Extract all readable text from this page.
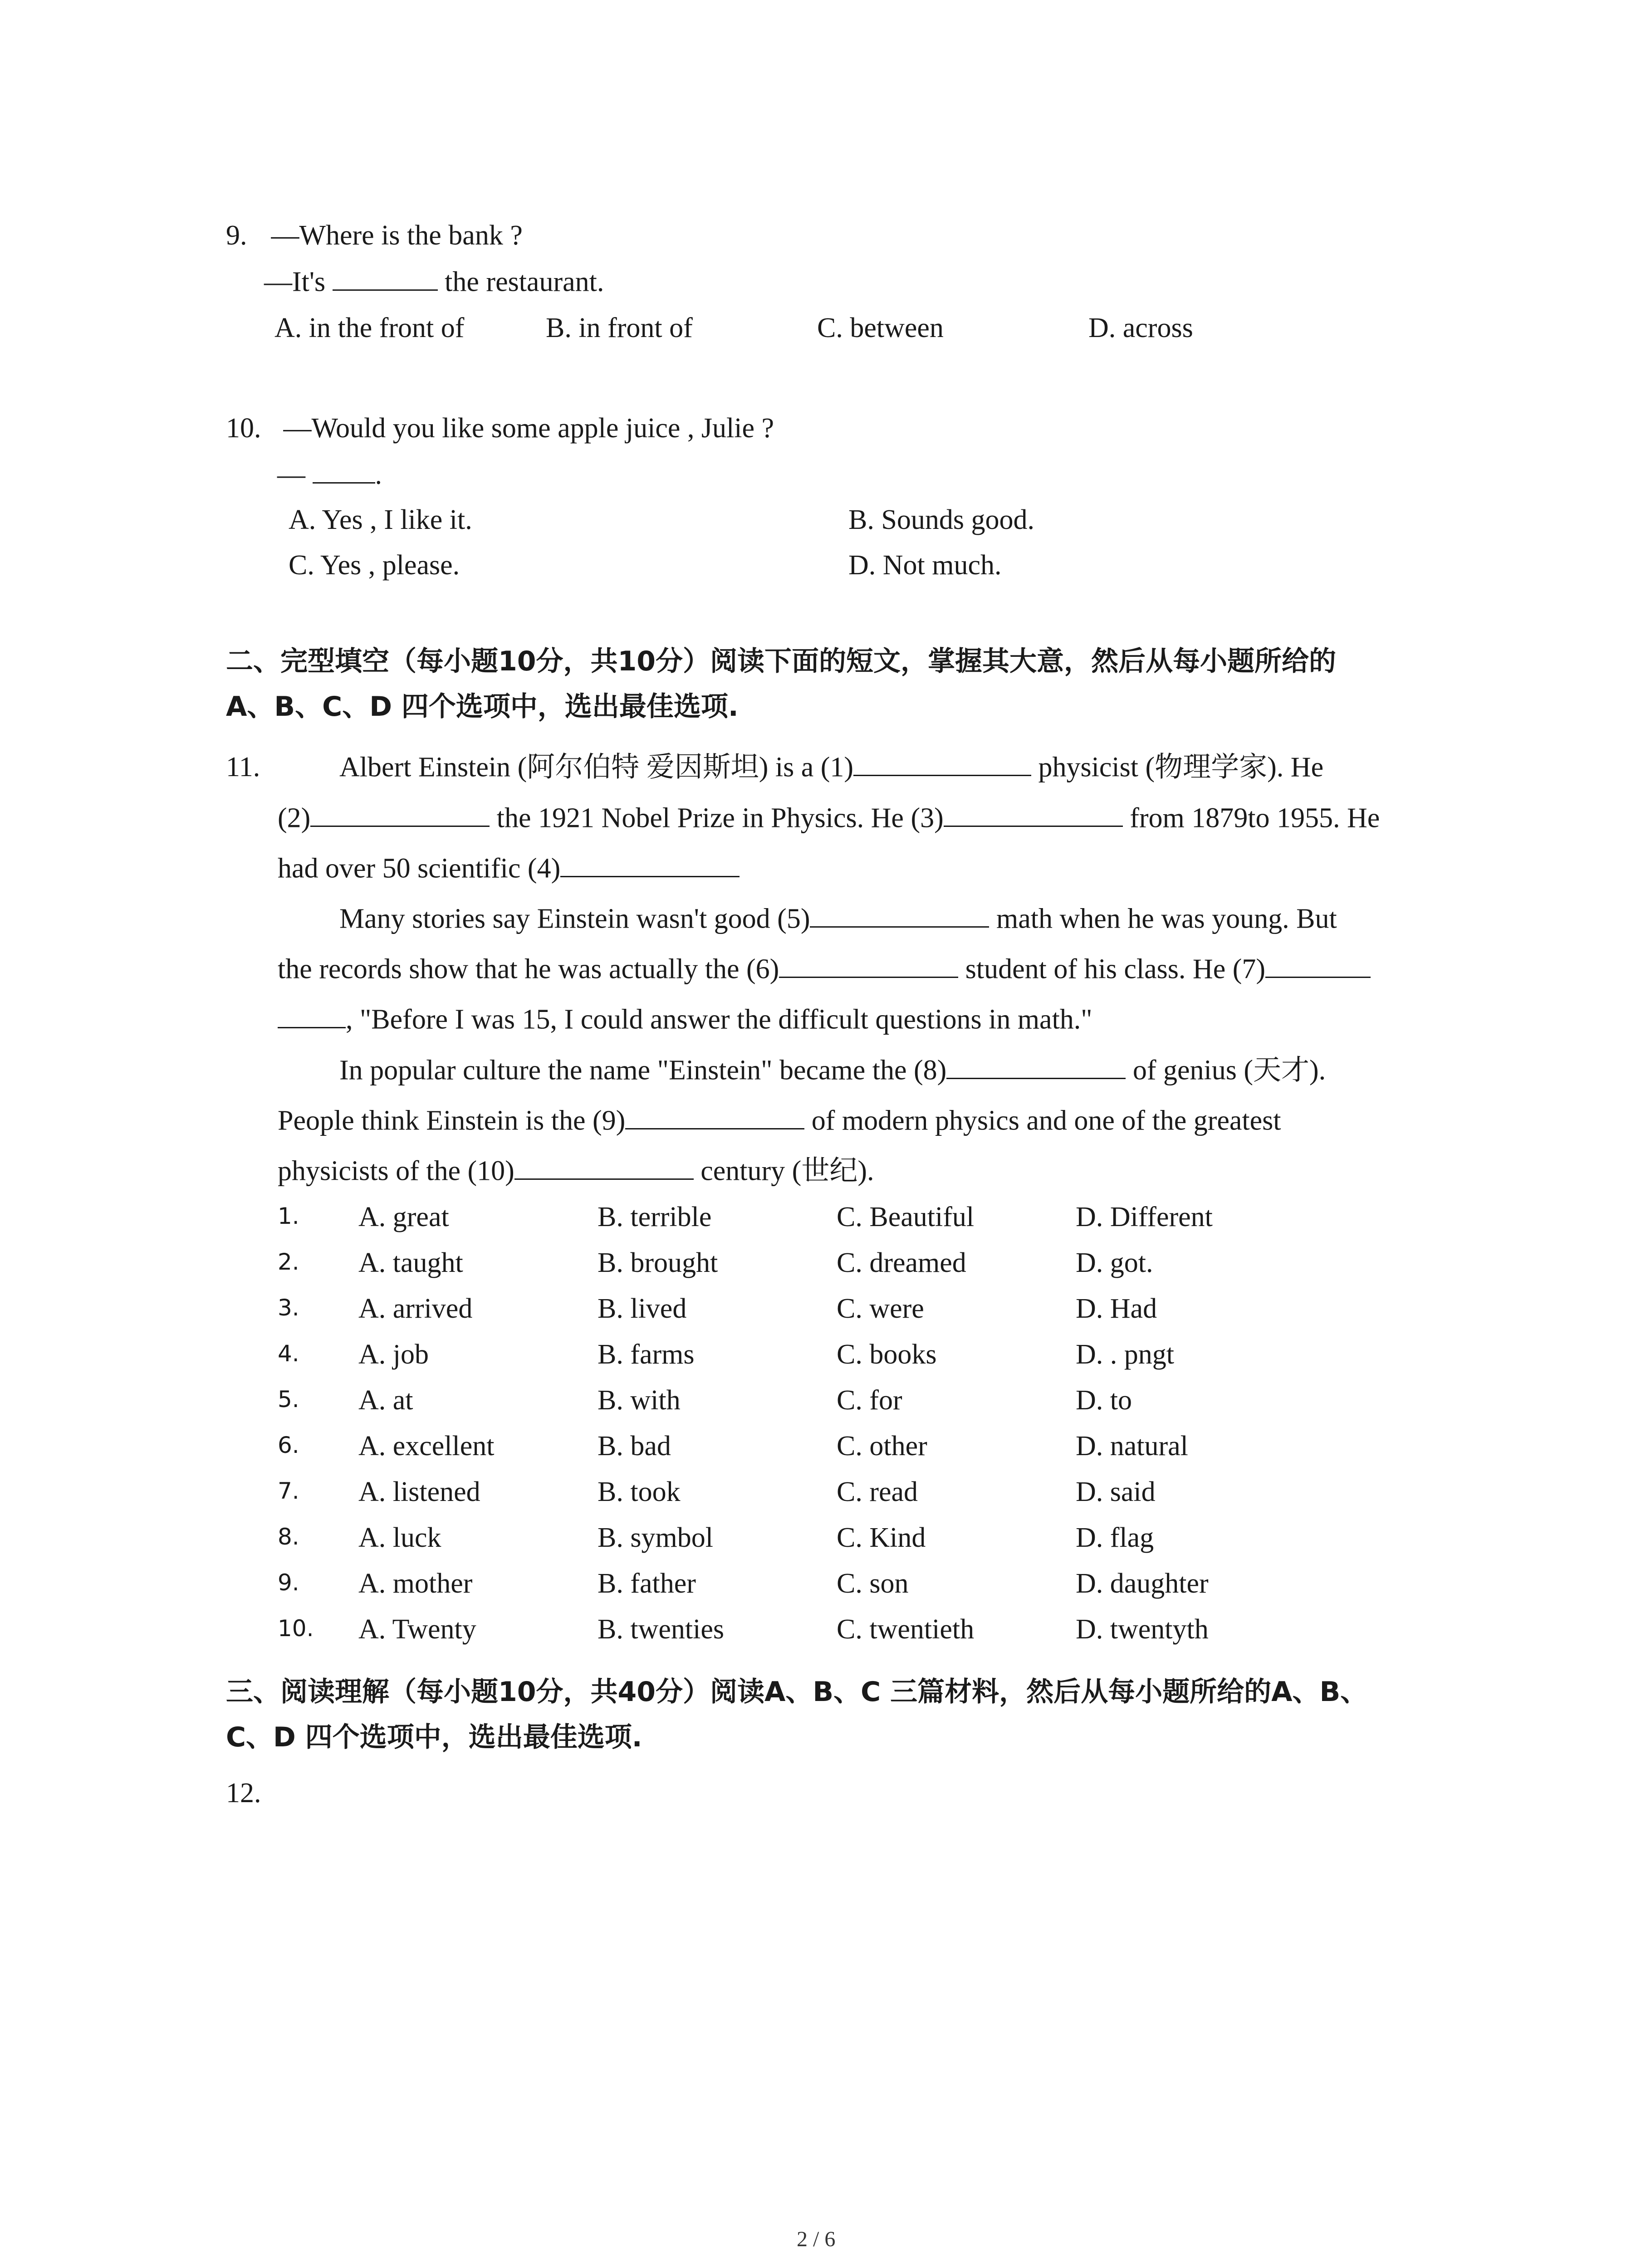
9. —Where is the bank ?
—It's	the restaurant.
A. in the front of	B. in front of	C. between	D. across
10. —Would you like some apple juice , Julie ?
— .
A. Yes , I like it.	B. Sounds good.
C. Yes , please.	D. Not much.
二、完型填空（每小题10分，共10分）阅读下面的短文，掌握其大意，然后从每小题所给的
A、B、C、D 四个选项中，选出最佳选项.
11.	Albert Einstein (阿尔伯特 爱因斯坦) is a (1)	physicist (物理学家). He
(2)	the 1921 Nobel Prize in Physics. He (3)	from 1879to 1955. He
had over 50 scientific (4)
Many stories say Einstein wasn't good (5)	math when he was young. But
the records show that he was actually the (6)	student of his class. He (7)
, "Before I was 15, I could answer the difficult questions in math."
In popular culture the name "Einstein" became the (8)	of genius (天才).
People think Einstein is the (9)	of modern physics and one of the greatest
physicists of the (10)	century (世纪).
1. A. great	B. terrible	C. Beautiful	D. Different
2. A. taught	B. brought	C. dreamed	D. got.
3. A. arrived	B. lived	C. were	D. Had
4. A. job	B. farms	C. books	D. . pngt
5. A. at	B. with	C. for	D. to
6. A. excellent	B. bad	C. other	D. natural
7. A. listened	B. took	C. read	D. said
8. A. luck	B. symbol	C. Kind	D. flag
9. A. mother	B. father	C. son	D. daughter
10. A. Twenty	B. twenties	C. twentieth	D. twentyth
三、阅读理解（每小题10分，共40分）阅读A、B、C 三篇材料，然后从每小题所给的A、B、
C、D 四个选项中，选出最佳选项.
12.
2 / 6
